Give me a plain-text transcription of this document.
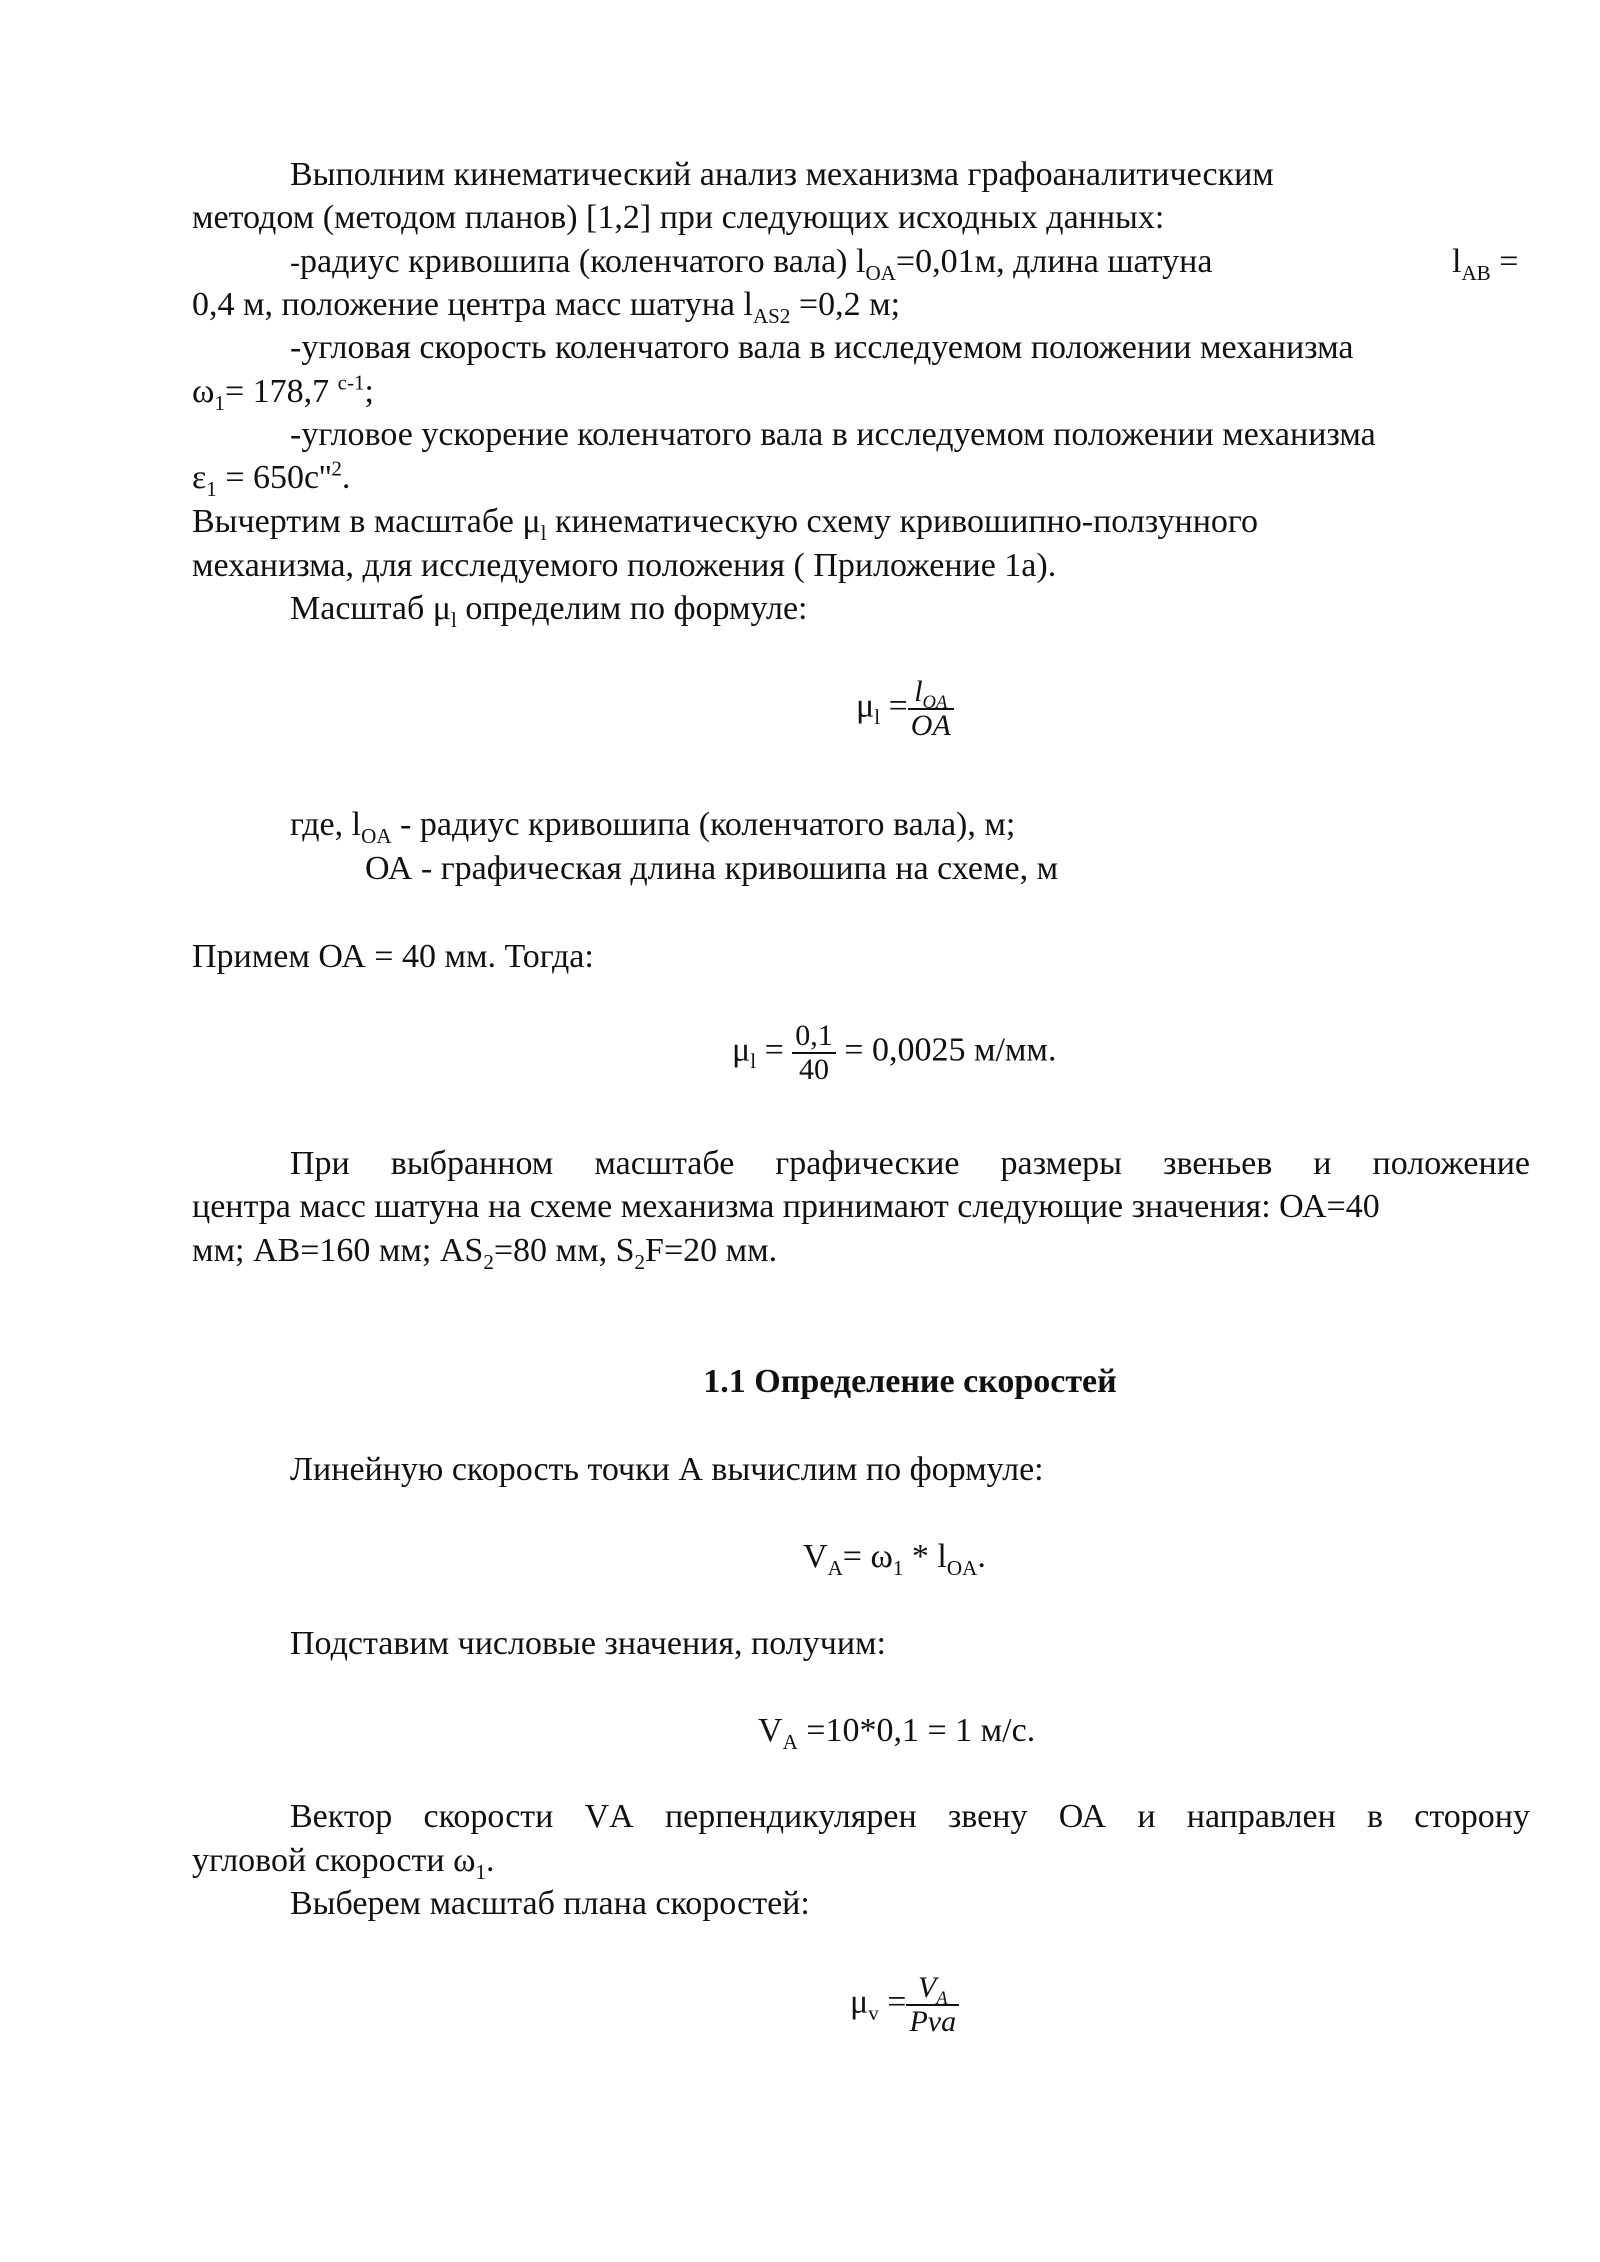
Выполним кинематический анализ механизма графоаналитическим
методом (методом планов) [1,2] при следующих исходных данных:
-радиус кривошипа (коленчатого вала) $l_{OA}=0,01м$, длина шатуна	$l_{AB}$ =
0,4 м, положение центра масс шатуна $l_{AS2} =0,2$ м;
-угловая скорость коленчатого вала в исследуемом положении механизма
$\omega_1= 178,7$ $^{c-1}$;
-угловое ускорение коленчатого вала в исследуемом положении механизма
$\varepsilon_1 = 650с''^2$.
Вычертим в масштабе $\mu_l$ кинематическую схему кривошипно-ползунного
механизма, для исследуемого положения ( Приложение 1а).
Масштаб $\mu_l$ определим по формуле:
$\mu_l = \frac{l_{OA}}{OA}$
где, $l_{OA}$ - радиус кривошипа (коленчатого вала), м;
ОА - графическая длина кривошипа на схеме, м
Примем ОА = 40 мм. Тогда:
$\mu_l = \frac{0,1}{40} = 0,0025$ м/мм.
При выбранном масштабе графические размеры звеньев и положение
центра масс шатуна на схеме механизма принимают следующие значения: ОА=40
мм; АВ=160 мм; $АS_2=80$ мм, $S_2F=20$ мм.
1.1 Определение скоростей
Линейную скорость точки А вычислим по формуле:
$V_A= \omega_1 * l_{OA}$.
Подставим числовые значения, получим:
$V_A =10*0,1 = 1$ м/с.
Вектор скорости VА перпендикулярен звену ОА и направлен в сторону
угловой скорости $\omega_1$.
Выберем масштаб плана скоростей:
$\mu_v = \frac{V_A}{\text{Pva}}$
